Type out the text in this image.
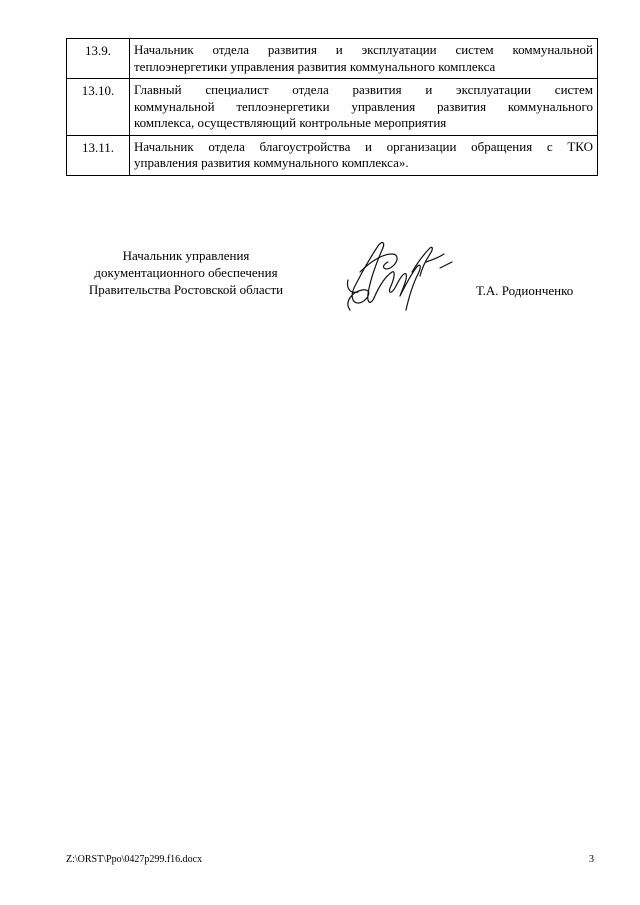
13.9.	Начальник отдела развития и эксплуатации систем коммунальной
теплоэнергетики управления развития коммунального комплекса

13.10.	Главный специалист отдела развития и эксплуатации систем
коммунальной теплоэнергетики управления развития коммунального
комплекса, осуществляющий контрольные мероприятия

13.11.	Начальник отдела благоустройства и организации обращения с ТКО
управления развития коммунального комплекса».
Начальник управления
документационного обеспечения
Правительства Ростовской области	Т.А. Родионченко
Z:\ORST\Ppo\0427p299.f16.docx	3
